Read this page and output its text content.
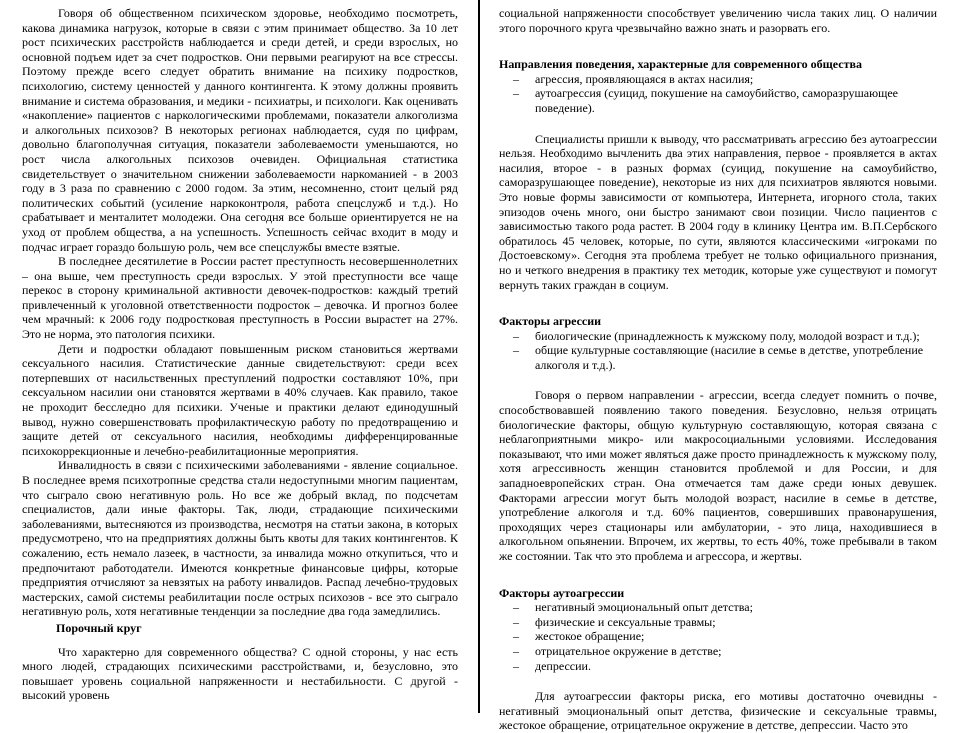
Говоря об общественном психическом здоровье, необходимо посмотреть, какова динамика нагрузок, которые в связи с этим принимает общество. За 10 лет рост психических расстройств наблюдается и среди детей, и среди взрослых, но основной подъем идет за счет подростков. Они первыми реагируют на все стрессы. Поэтому прежде всего следует обратить внимание на психику подростков, психологию, систему ценностей у данного контингента. К этому должны проявить внимание и система образования, и медики - психиатры, и психологи. Как оценивать «накопление» пациентов с наркологическими проблемами, показатели алкоголизма и алкогольных психозов? В некоторых регионах наблюдается, судя по цифрам, довольно благополучная ситуация, показатели заболеваемости уменьшаются, но рост числа алкогольных психозов очевиден. Официальная статистика свидетельствует о значительном снижении заболеваемости наркоманией - в 2003 году в 3 раза по сравнению с 2000 годом. За этим, несомненно, стоит целый ряд политических событий (усиление наркоконтроля, работа спецслужб и т.д.). Но срабатывает и менталитет молодежи. Она сегодня все больше ориентируется не на уход от проблем общества, а на успешность. Успешность сейчас входит в моду и подчас играет гораздо большую роль, чем все спецслужбы вместе взятые.

В последнее десятилетие в России растет преступность несовершеннолетних – она выше, чем преступность среди взрослых. У этой преступности все чаще перекос в сторону криминальной активности девочек-подростков: каждый третий привлеченный к уголовной ответственности подросток – девочка. И прогноз более чем мрачный: к 2006 году подростковая преступность в России вырастет на 27%. Это не норма, это патология психики.

Дети и подростки обладают повышенным риском становиться жертвами сексуального насилия. Статистические данные свидетельствуют: среди всех потерпевших от насильственных преступлений подростки составляют 10%, при сексуальном насилии они становятся жертвами в 40% случаев. Как правило, такое не проходит бесследно для психики. Ученые и практики делают единодушный вывод, нужно совершенствовать профилактическую работу по предотвращению и защите детей от сексуального насилия, необходимы дифференцированные психокоррекционные и лечебно-реабилитационные мероприятия.

Инвалидность в связи с психическими заболеваниями - явление социальное. В последнее время психотропные средства стали недоступными многим пациентам, что сыграло свою негативную роль. Но все же добрый вклад, по подсчетам специалистов, дали иные факторы. Так, люди, страдающие психическими заболеваниями, вытесняются из производства, несмотря на статьи закона, в которых предусмотрено, что на предприятиях должны быть квоты для таких контингентов. К сожалению, есть немало лазеек, в частности, за инвалида можно откупиться, что и предпочитают работодатели. Имеются конкретные финансовые цифры, которые предприятия отчисляют за невзятых на работу инвалидов. Распад лечебно-трудовых мастерских, самой системы реабилитации после острых психозов - все это сыграло негативную роль, хотя негативные тенденции за последние два года замедлились.

Порочный круг

Что характерно для современного общества? С одной стороны, у нас есть много людей, страдающих психическими расстройствами, и, безусловно, это повышает уровень социальной напряженности и нестабильности. С другой - высокий уровень

социальной напряженности способствует увеличению числа таких лиц. О наличии этого порочного круга чрезвычайно важно знать и разорвать его.

Направления поведения, характерные для современного общества

– агрессия, проявляющаяся в актах насилия;
– аутоагрессия (суицид, покушение на самоубийство, саморазрушающее поведение).

Специалисты пришли к выводу, что рассматривать агрессию без аутоагрессии нельзя. Необходимо вычленить два этих направления, первое - проявляется в актах насилия, второе - в разных формах (суицид, покушение на самоубийство, саморазрушающее поведение), некоторые из них для психиатров являются новыми. Это новые формы зависимости от компьютера, Интернета, игорного стола, таких эпизодов очень много, они быстро занимают свои позиции. Число пациентов с зависимостью такого рода растет. В 2004 году в клинику Центра им. В.П.Сербского обратилось 45 человек, которые, по сути, являются классическими «игроками по Достоевскому». Сегодня эта проблема требует не только официального признания, но и четкого внедрения в практику тех методик, которые уже существуют и помогут вернуть таких граждан в социум.

Факторы агрессии

– биологические (принадлежность к мужскому полу, молодой возраст и т.д.);
– общие культурные составляющие (насилие в семье в детстве, употребление алкоголя и т.д.).

Говоря о первом направлении - агрессии, всегда следует помнить о почве, способствовавшей появлению такого поведения. Безусловно, нельзя отрицать биологические факторы, общую культурную составляющую, которая связана с неблагоприятными микро- или макросоциальными условиями. Исследования показывают, что ими может являться даже просто принадлежность к мужскому полу, хотя агрессивность женщин становится проблемой и для России, и для западноевропейских стран. Она отмечается там даже среди юных девушек. Факторами агрессии могут быть молодой возраст, насилие в семье в детстве, употребление алкоголя и т.д. 60% пациентов, совершивших правонарушения, проходящих через стационары или амбулатории, - это лица, находившиеся в алкогольном опьянении. Впрочем, их жертвы, то есть 40%, тоже пребывали в таком же состоянии. Так что это проблема и агрессора, и жертвы.

Факторы аутоагрессии

– негативный эмоциональный опыт детства;
– физические и сексуальные травмы;
– жестокое обращение;
– отрицательное окружение в детстве;
– депрессии.

Для аутоагрессии факторы риска, его мотивы достаточно очевидны - негативный эмоциональный опыт детства, физические и сексуальные травмы, жестокое обращение, отрицательное окружение в детстве, депрессии. Часто это
